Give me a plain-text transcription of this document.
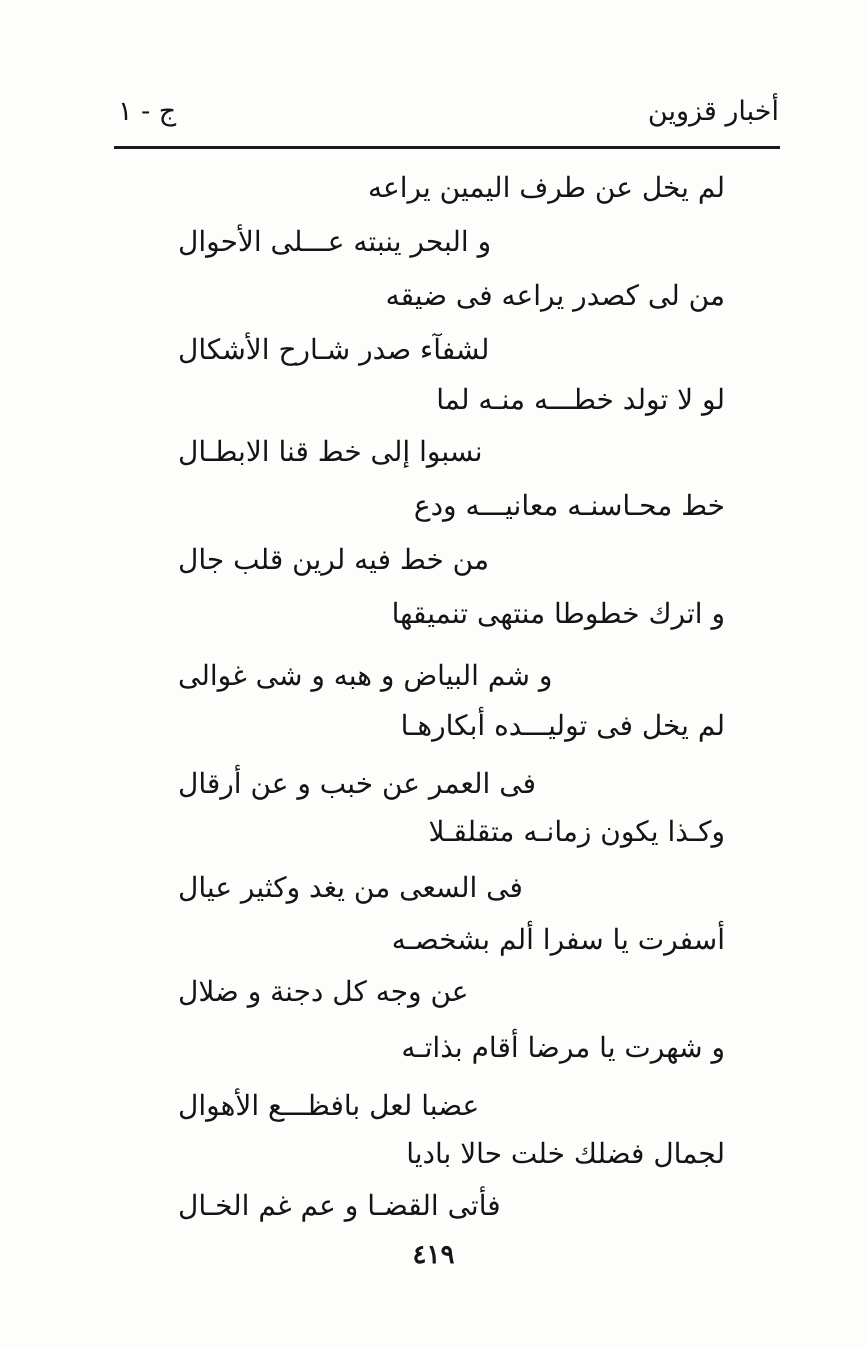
أخبار قزوين
ج - ١
لم يخل عن طرف اليمين يراعه
و البحر ينبته عـــلى الأحوال
من لى كصدر يراعه فى ضيقه
لشفآء صدر شـارح الأشكال
لو لا تولد خطـــه منـه لما
نسبوا إلى خط قنا الابطـال
خط محـاسنـه معانيـــه ودع
من خط فيه لرين قلب جال
و اترك خطوطا منتهى تنميقها
و شم البياض و هبه و شى غوالى
لم يخل فى توليـــده أبكارهـا
فى العمر عن خبب و عن أرقال
وكـذا يكون زمانـه متقلقـلا
فى السعى من يغد وكثير عيال
أسفرت يا سفرا ألم بشخصـه
عن وجه كل دجنة و ضلال
و شهرت يا مرضا أقام بذاتـه
عضبا لعل بافظـــع الأهوال
لجمال فضلك خلت حالا باديا
فأتى القضـا و عم غم الخـال
٤١٩
